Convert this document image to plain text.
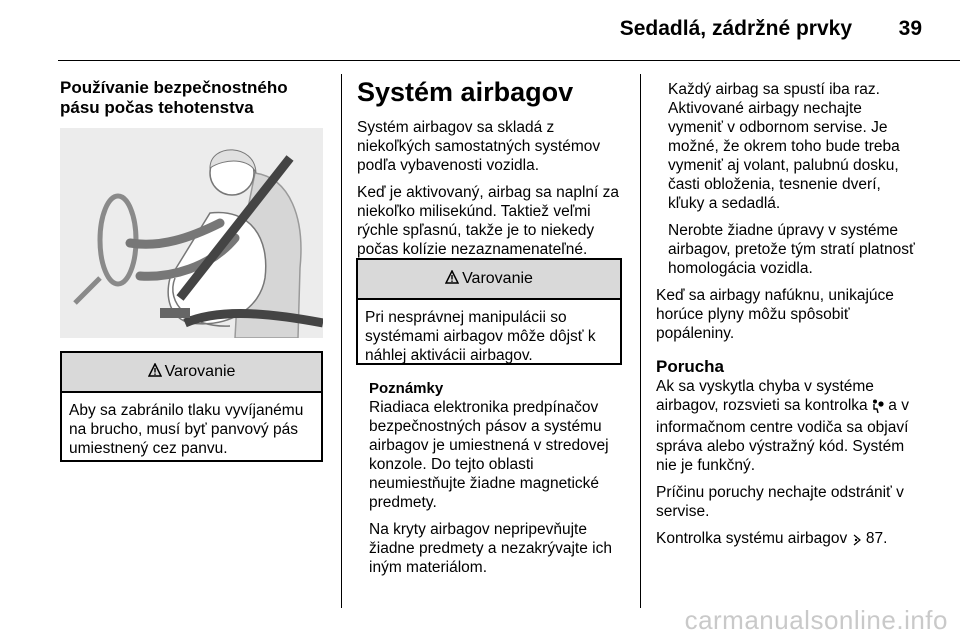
Sedadlá, zádržné prvky 39
Používanie bezpečnostného
pásu počas tehotenstva
Varovanie
Aby sa zabránilo tlaku vyvíjanému
na brucho, musí byť panvový pás
umiestnený cez panvu.
Systém airbagov

Systém airbagov sa skladá z
niekoľkých samostatných systémov
podľa vybavenosti vozidla.

Keď je aktivovaný, airbag sa naplní za
niekoľko milisekúnd. Taktiež veľmi
rýchle spľasnú, takže je to niekedy
počas kolízie nezaznamenateľné.

Varovanie
Pri nesprávnej manipulácii so
systémami airbagov môže dôjsť k
náhlej aktivácii airbagov.
Poznámky

Riadiaca elektronika predpínačov
bezpečnostných pásov a systému
airbagov je umiestnená v stredovej
konzole. Do tejto oblasti
neumiestňujte žiadne magnetické
predmety.

Na kryty airbagov nepripevňujte
žiadne predmety a nezakrývajte ich
iným materiálom.

Každý airbag sa spustí iba raz.
Aktivované airbagy nechajte
vymeniť v odbornom servise. Je
možné, že okrem toho bude treba
vymeniť aj volant, palubnú dosku,
časti obloženia, tesnenie dverí,
kľuky a sedadlá.

Nerobte žiadne úpravy v systéme
airbagov, pretože tým stratí platnosť
homologácia vozidla.

Keď sa airbagy nafúknu, unikajúce
horúce plyny môžu spôsobiť
popáleniny.

Porucha

Ak sa vyskytla chyba v systéme
airbagov, rozsvieti sa kontrolka a v
informačnom centre vodiča sa objaví
správa alebo výstražný kód. Systém
nie je funkčný.

Príčinu poruchy nechajte odstrániť v
servise.

Kontrolka systému airbagov 87.

carmanualsonline.info
